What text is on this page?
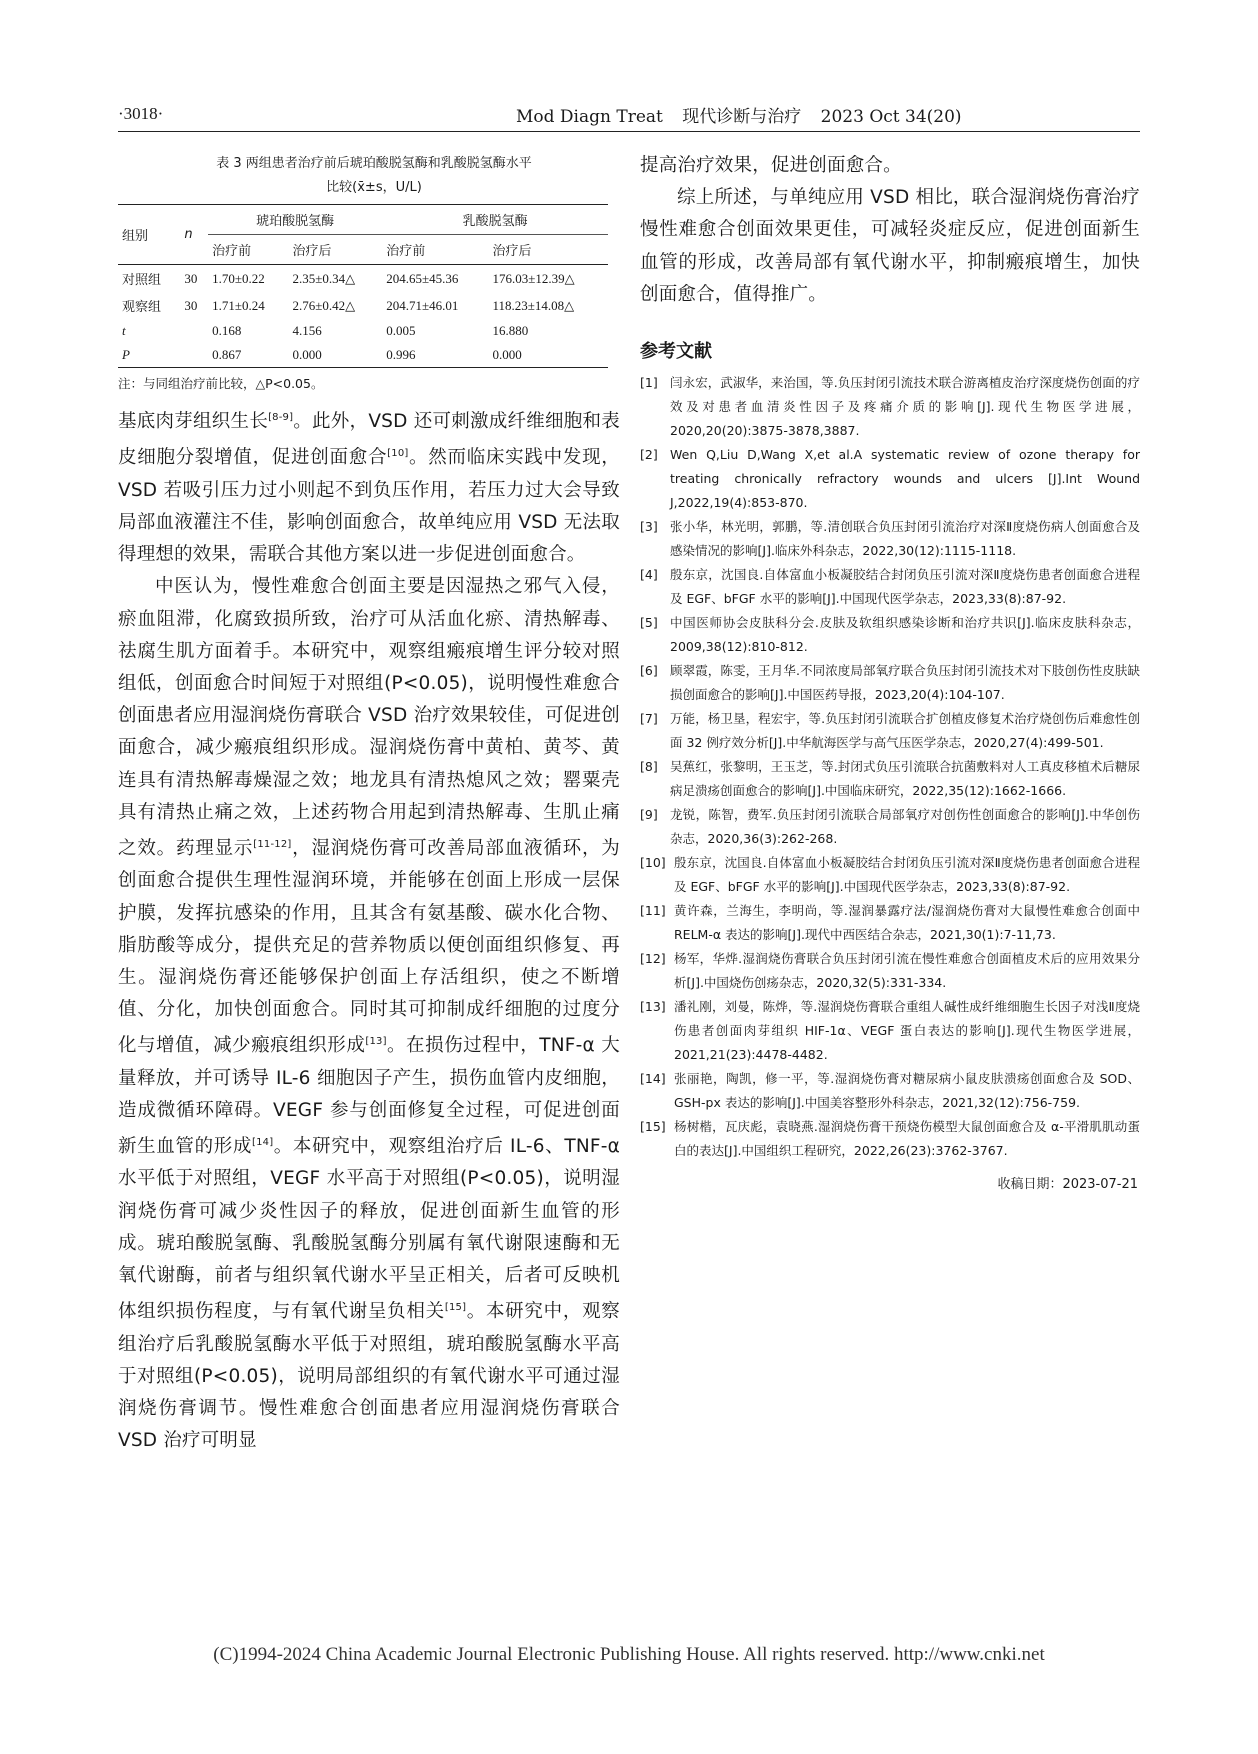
·3018·	Mod Diagn Treat 现代诊断与治疗 2023 Oct 34(20)
表 3 两组患者治疗前后琥珀酸脱氢酶和乳酸脱氢酶水平
比较(x̄±s，U/L)
组别	n	琥珀酸脱氢酶		乳酸脱氢酶	
		治疗前	治疗后	治疗前	治疗后
对照组	30	1.70±0.22	2.35±0.34△	204.65±45.36	176.03±12.39△
观察组	30	1.71±0.24	2.76±0.42△	204.71±46.01	118.23±14.08△
t		0.168	4.156	0.005	16.880
P		0.867	0.000	0.996	0.000
注：与同组治疗前比较，△P<0.05。

基底肉芽组织生长[8-9]。此外，VSD 还可刺激成纤维细胞和表皮细胞分裂增值，促进创面愈合[10]。然而临床实践中发现，VSD 若吸引压力过小则起不到负压作用，若压力过大会导致局部血液灌注不佳，影响创面愈合，故单纯应用 VSD 无法取得理想的效果，需联合其他方案以进一步促进创面愈合。

中医认为，慢性难愈合创面主要是因湿热之邪气入侵，瘀血阻滞，化腐致损所致，治疗可从活血化瘀、清热解毒、祛腐生肌方面着手。本研究中，观察组瘢痕增生评分较对照组低，创面愈合时间短于对照组(P<0.05)，说明慢性难愈合创面患者应用湿润烧伤膏联合 VSD 治疗效果较佳，可促进创面愈合，减少瘢痕组织形成。湿润烧伤膏中黄柏、黄芩、黄连具有清热解毒燥湿之效；地龙具有清热熄风之效；罂粟壳具有清热止痛之效，上述药物合用起到清热解毒、生肌止痛之效。药理显示[11-12]，湿润烧伤膏可改善局部血液循环，为创面愈合提供生理性湿润环境，并能够在创面上形成一层保护膜，发挥抗感染的作用，且其含有氨基酸、碳水化合物、脂肪酸等成分，提供充足的营养物质以便创面组织修复、再生。湿润烧伤膏还能够保护创面上存活组织，使之不断增值、分化，加快创面愈合。同时其可抑制成纤细胞的过度分化与增值，减少瘢痕组织形成[13]。在损伤过程中，TNF-α 大量释放，并可诱导 IL-6 细胞因子产生，损伤血管内皮细胞，造成微循环障碍。VEGF 参与创面修复全过程，可促进创面新生血管的形成[14]。本研究中，观察组治疗后 IL-6、TNF-α 水平低于对照组，VEGF 水平高于对照组(P<0.05)，说明湿润烧伤膏可减少炎性因子的释放，促进创面新生血管的形成。琥珀酸脱氢酶、乳酸脱氢酶分别属有氧代谢限速酶和无氧代谢酶，前者与组织氧代谢水平呈正相关，后者可反映机体组织损伤程度，与有氧代谢呈负相关[15]。本研究中，观察组治疗后乳酸脱氢酶水平低于对照组，琥珀酸脱氢酶水平高于对照组(P<0.05)，说明局部组织的有氧代谢水平可通过湿润烧伤膏调节。慢性难愈合创面患者应用湿润烧伤膏联合 VSD 治疗可明显

提高治疗效果，促进创面愈合。

综上所述，与单纯应用 VSD 相比，联合湿润烧伤膏治疗慢性难愈合创面效果更佳，可减轻炎症反应，促进创面新生血管的形成，改善局部有氧代谢水平，抑制瘢痕增生，加快创面愈合，值得推广。

参考文献
[1] 闫永宏，武淑华，来治国，等.负压封闭引流技术联合游离植皮治疗深度烧伤创面的疗效及对患者血清炎性因子及疼痛介质的影响[J].现代生物医学进展，2020,20(20):3875-3878,3887.
[2] Wen Q,Liu D,Wang X,et al.A systematic review of ozone therapy for treating chronically refractory wounds and ulcers [J].Int Wound J,2022,19(4):853-870.
[3] 张小华，林光明，郭鹏，等.清创联合负压封闭引流治疗对深Ⅱ度烧伤病人创面愈合及感染情况的影响[J].临床外科杂志，2022,30(12):1115-1118.
[4] 殷东京，沈国良.自体富血小板凝胶结合封闭负压引流对深Ⅱ度烧伤患者创面愈合进程及 EGF、bFGF 水平的影响[J].中国现代医学杂志，2023,33(8):87-92.
[5] 中国医师协会皮肤科分会.皮肤及软组织感染诊断和治疗共识[J].临床皮肤科杂志，2009,38(12):810-812.
[6] 顾翠霞，陈雯，王月华.不同浓度局部氧疗联合负压封闭引流技术对下肢创伤性皮肤缺损创面愈合的影响[J].中国医药导报，2023,20(4):104-107.
[7] 万能，杨卫垦，程宏宇，等.负压封闭引流联合扩创植皮修复术治疗烧创伤后难愈性创面 32 例疗效分析[J].中华航海医学与高气压医学杂志，2020,27(4):499-501.
[8] 吴蕉红，张黎明，王玉芝，等.封闭式负压引流联合抗菌敷料对人工真皮移植术后糖尿病足溃疡创面愈合的影响[J].中国临床研究，2022,35(12):1662-1666.
[9] 龙锐，陈智，费军.负压封闭引流联合局部氧疗对创伤性创面愈合的影响[J].中华创伤杂志，2020,36(3):262-268.
[10] 殷东京，沈国良.自体富血小板凝胶结合封闭负压引流对深Ⅱ度烧伤患者创面愈合进程及 EGF、bFGF 水平的影响[J].中国现代医学杂志，2023,33(8):87-92.
[11] 黄许森，兰海生，李明尚，等.湿润暴露疗法/湿润烧伤膏对大鼠慢性难愈合创面中 RELM-α 表达的影响[J].现代中西医结合杂志，2021,30(1):7-11,73.
[12] 杨军，华烨.湿润烧伤膏联合负压封闭引流在慢性难愈合创面植皮术后的应用效果分析[J].中国烧伤创疡杂志，2020,32(5):331-334.
[13] 潘礼刚，刘曼，陈烨，等.湿润烧伤膏联合重组人碱性成纤维细胞生长因子对浅Ⅱ度烧伤患者创面肉芽组织 HIF-1α、VEGF 蛋白表达的影响[J].现代生物医学进展，2021,21(23):4478-4482.
[14] 张丽艳，陶凯，修一平，等.湿润烧伤膏对糖尿病小鼠皮肤溃疡创面愈合及 SOD、GSH-px 表达的影响[J].中国美容整形外科杂志，2021,32(12):756-759.
[15] 杨树楷，瓦庆彪，袁晓燕.湿润烧伤膏干预烧伤模型大鼠创面愈合及 α-平滑肌肌动蛋白的表达[J].中国组织工程研究，2022,26(23):3762-3767.
收稿日期：2023-07-21
(C)1994-2024 China Academic Journal Electronic Publishing House. All rights reserved. http://www.cnki.net
